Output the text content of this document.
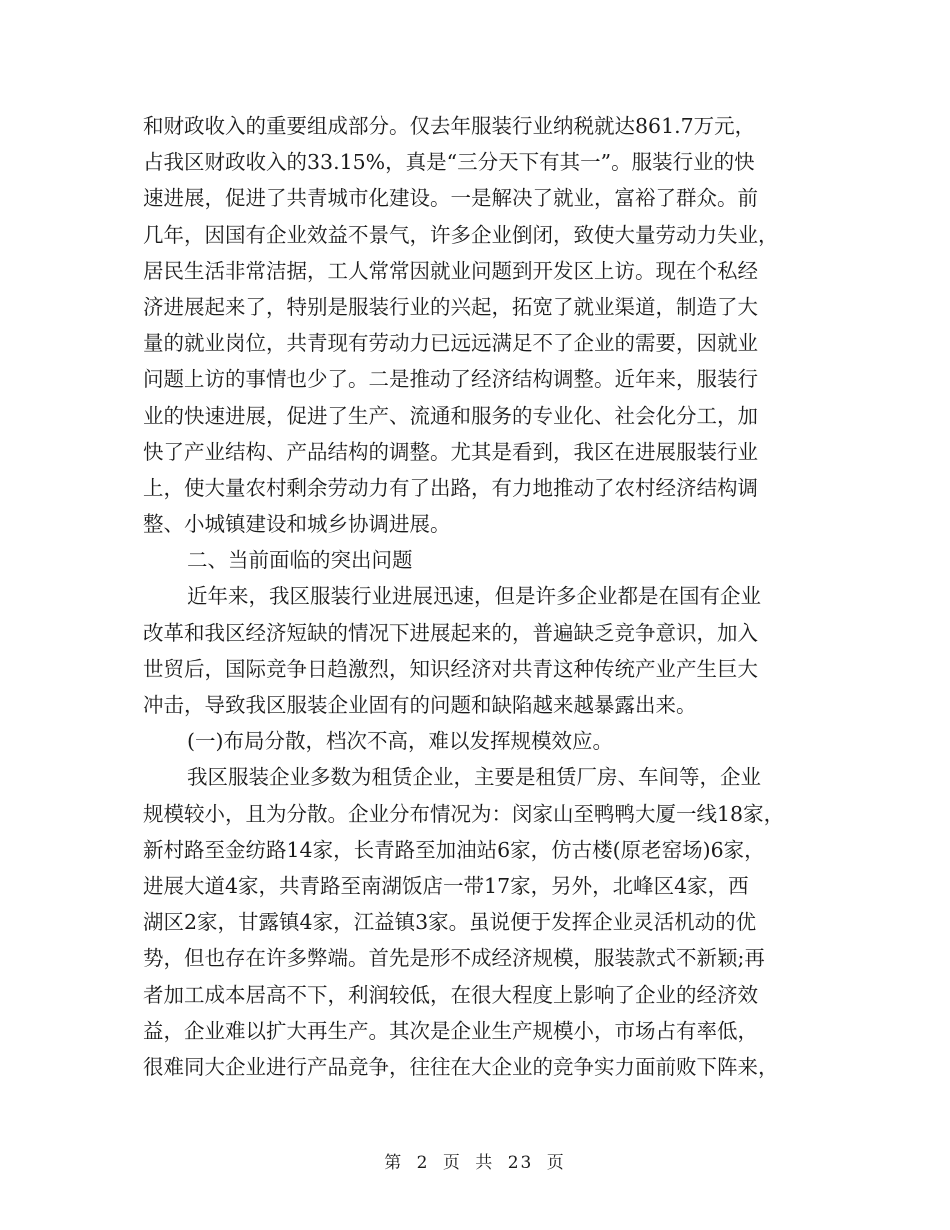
和财政收入的重要组成部分。仅去年服装行业纳税就达861.7万元，
占我区财政收入的33.15%，真是“三分天下有其一”。服装行业的快
速进展，促进了共青城市化建设。一是解决了就业，富裕了群众。前
几年，因国有企业效益不景气，许多企业倒闭，致使大量劳动力失业，
居民生活非常洁据，工人常常因就业问题到开发区上访。现在个私经
济进展起来了，特别是服装行业的兴起，拓宽了就业渠道，制造了大
量的就业岗位，共青现有劳动力已远远满足不了企业的需要，因就业
问题上访的事情也少了。二是推动了经济结构调整。近年来，服装行
业的快速进展，促进了生产、流通和服务的专业化、社会化分工，加
快了产业结构、产品结构的调整。尤其是看到，我区在进展服装行业
上，使大量农村剩余劳动力有了出路，有力地推动了农村经济结构调
整、小城镇建设和城乡协调进展。
二、当前面临的突出问题
近年来，我区服装行业进展迅速，但是许多企业都是在国有企业
改革和我区经济短缺的情况下进展起来的，普遍缺乏竞争意识，加入
世贸后，国际竞争日趋激烈，知识经济对共青这种传统产业产生巨大
冲击，导致我区服装企业固有的问题和缺陷越来越暴露出来。
(一)布局分散，档次不高，难以发挥规模效应。
我区服装企业多数为租赁企业，主要是租赁厂房、车间等，企业
规模较小，且为分散。企业分布情况为：闵家山至鸭鸭大厦一线18家，
新村路至金纺路14家，长青路至加油站6家，仿古楼(原老窑场)6家，
进展大道4家，共青路至南湖饭店一带17家，另外，北峰区4家，西
湖区2家，甘露镇4家，江益镇3家。虽说便于发挥企业灵活机动的优
势，但也存在许多弊端。首先是形不成经济规模，服装款式不新颖;再
者加工成本居高不下，利润较低，在很大程度上影响了企业的经济效
益，企业难以扩大再生产。其次是企业生产规模小，市场占有率低，
很难同大企业进行产品竞争，往往在大企业的竞争实力面前败下阵来，
第 2 页 共 23 页
